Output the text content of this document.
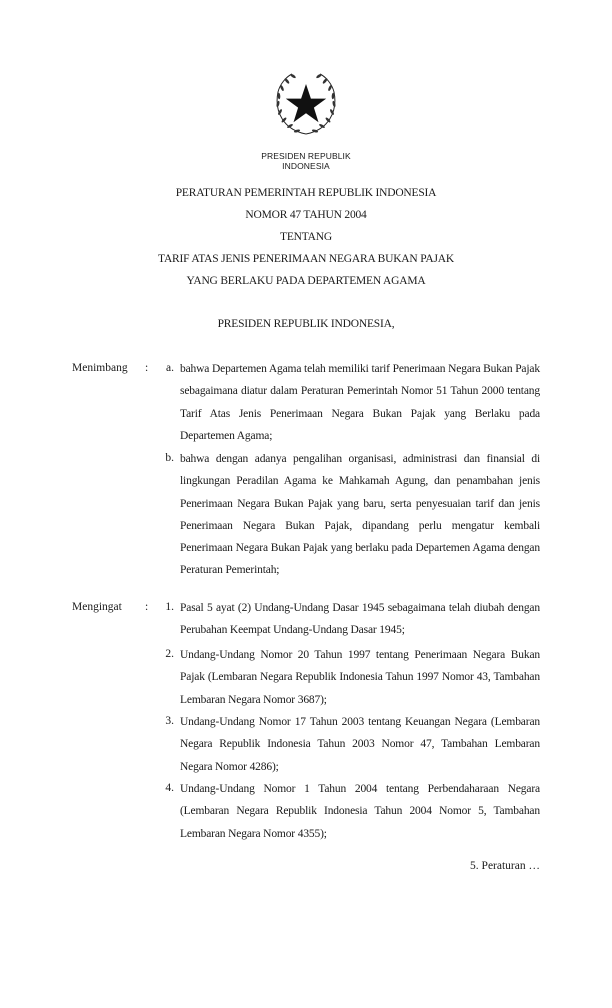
PRESIDEN REPUBLIK
INDONESIA
PERATURAN PEMERINTAH REPUBLIK INDONESIA
NOMOR 47 TAHUN 2004
TENTANG
TARIF ATAS JENIS PENERIMAAN NEGARA BUKAN PAJAK
YANG BERLAKU PADA DEPARTEMEN AGAMA
PRESIDEN REPUBLIK INDONESIA,
Menimbang :	a. bahwa Departemen Agama telah memiliki tarif Penerimaan Negara Bukan Pajak sebagaimana diatur dalam Peraturan Pemerintah Nomor 51 Tahun 2000 tentang Tarif Atas Jenis Penerimaan Negara Bukan Pajak yang Berlaku pada Departemen Agama;
b. bahwa dengan adanya pengalihan organisasi, administrasi dan finansial di lingkungan Peradilan Agama ke Mahkamah Agung, dan penambahan jenis Penerimaan Negara Bukan Pajak yang baru, serta penyesuaian tarif dan jenis Penerimaan Negara Bukan Pajak, dipandang perlu mengatur kembali Penerimaan Negara Bukan Pajak yang berlaku pada Departemen Agama dengan Peraturan Pemerintah;
Mengingat :	1. Pasal 5 ayat (2) Undang-Undang Dasar 1945 sebagaimana telah diubah dengan Perubahan Keempat Undang-Undang Dasar 1945;
2. Undang-Undang Nomor 20 Tahun 1997 tentang Penerimaan Negara Bukan Pajak (Lembaran Negara Republik Indonesia Tahun 1997 Nomor 43, Tambahan Lembaran Negara Nomor 3687);
3. Undang-Undang Nomor 17 Tahun 2003 tentang Keuangan Negara (Lembaran Negara Republik Indonesia Tahun 2003 Nomor 47, Tambahan Lembaran Negara Nomor 4286);
4. Undang-Undang Nomor 1 Tahun 2004 tentang Perbendaharaan Negara (Lembaran Negara Republik Indonesia Tahun 2004 Nomor 5, Tambahan Lembaran Negara Nomor 4355);
5. Peraturan …
